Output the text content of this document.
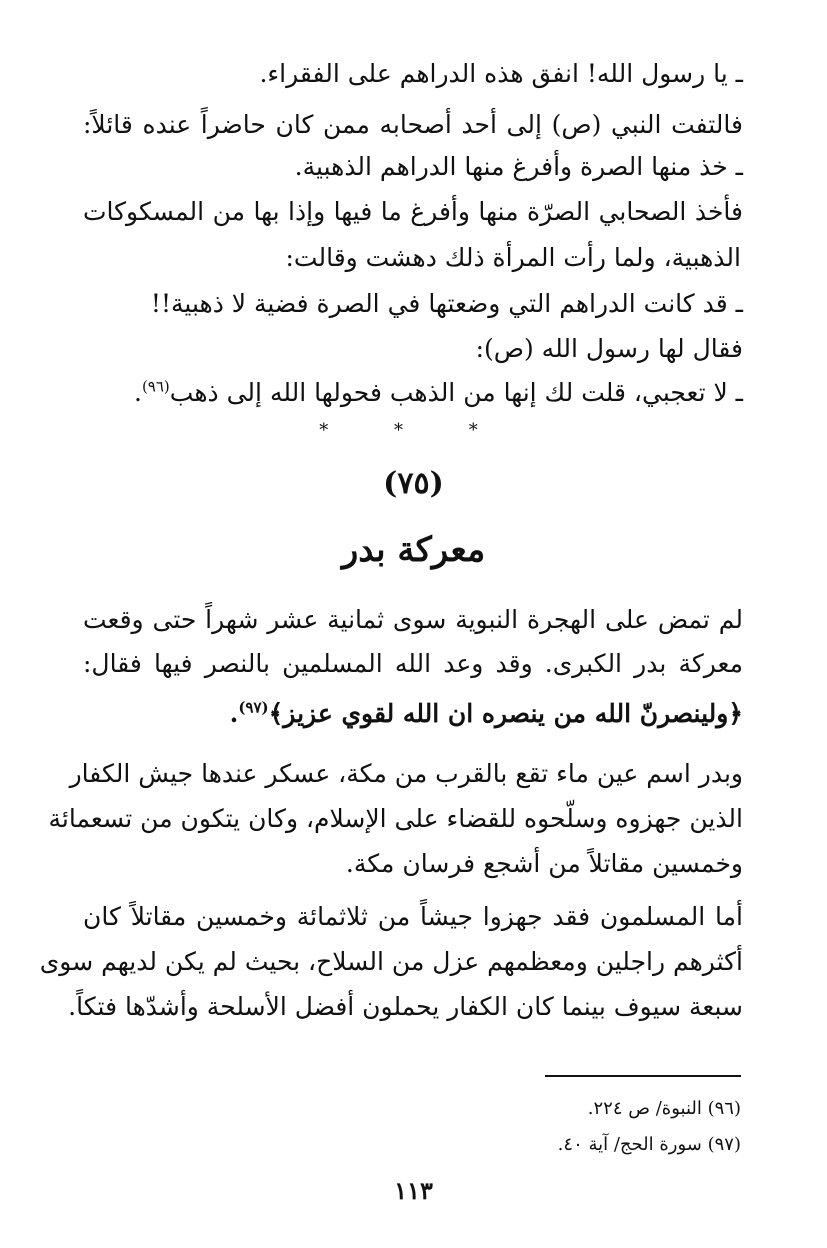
ـ يا رسول الله! انفق هذه الدراهم على الفقراء.
فالتفت النبي (ص) إلى أحد أصحابه ممن كان حاضراً عنده قائلاً:
ـ خذ منها الصرة وأفرغ منها الدراهم الذهبية.
فأخذ الصحابي الصرّة منها وأفرغ ما فيها وإذا بها من المسكوكات
الذهبية، ولما رأت المرأة ذلك دهشت وقالت:
ـ قد كانت الدراهم التي وضعتها في الصرة فضية لا ذهبية!!
فقال لها رسول الله (ص):
ـ لا تعجبي، قلت لك إنها من الذهب فحولها الله إلى ذهب$^{(٩٦)}$.
* * *
(٧٥)
معركة بدر
لم تمض على الهجرة النبوية سوى ثمانية عشر شهراً حتى وقعت
معركة بدر الكبرى. وقد وعد الله المسلمين بالنصر فيها فقال:
﴿ولينصرنّ الله من ينصره ان الله لقوي عزيز﴾$^{(٩٧)}$.
وبدر اسم عين ماء تقع بالقرب من مكة، عسكر عندها جيش الكفار
الذين جهزوه وسلّحوه للقضاء على الإسلام، وكان يتكون من تسعمائة
وخمسين مقاتلاً من أشجع فرسان مكة.
أما المسلمون فقد جهزوا جيشاً من ثلاثمائة وخمسين مقاتلاً كان
أكثرهم راجلين ومعظمهم عزل من السلاح، بحيث لم يكن لديهم سوى
سبعة سيوف بينما كان الكفار يحملون أفضل الأسلحة وأشدّها فتكاً.
(٩٦) النبوة/ ص ٢٢٤.
(٩٧) سورة الحج/ آية ٤٠.
١١٣
